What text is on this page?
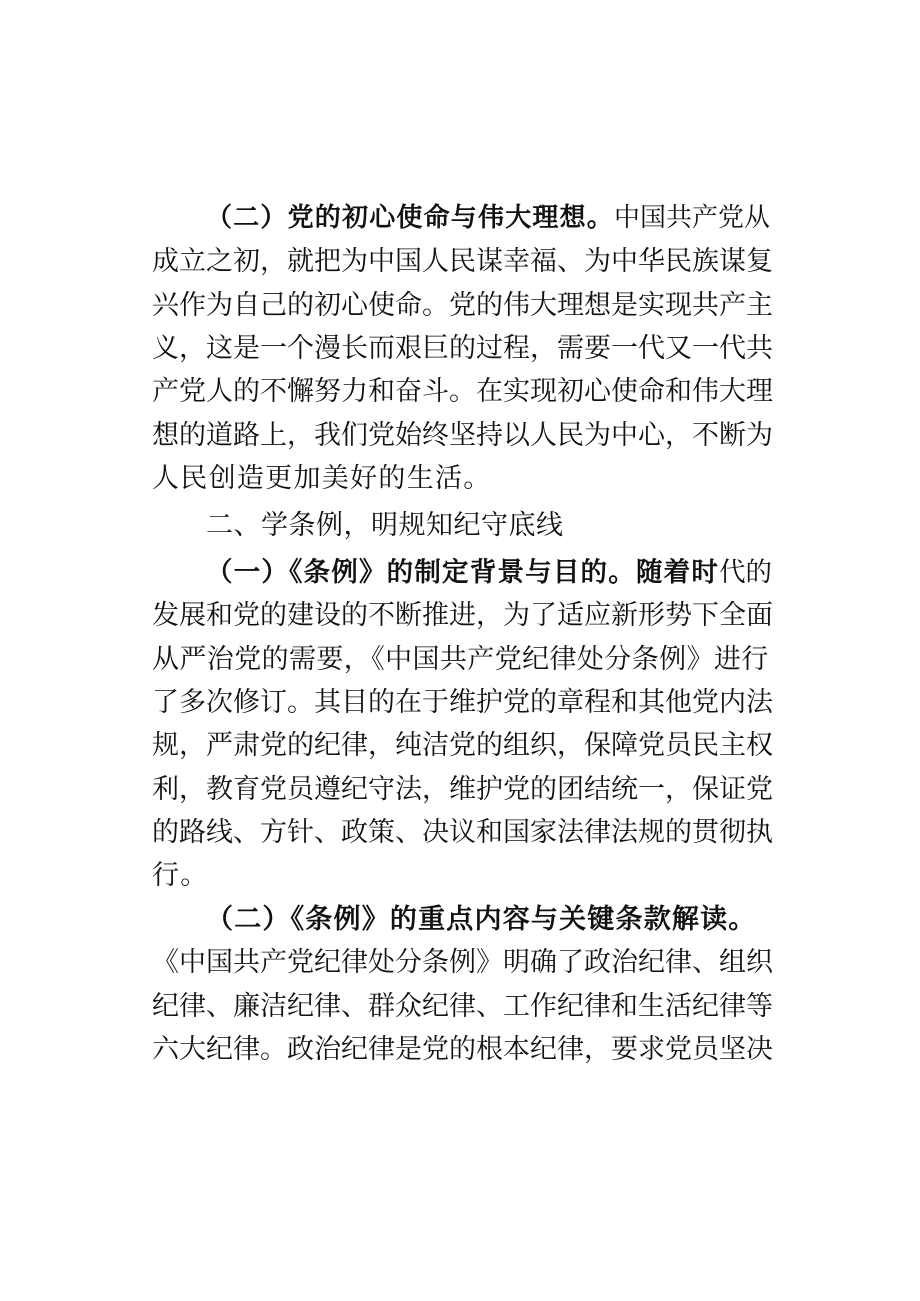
（二）党的初心使命与伟大理想。中国共产党从
成立之初，就把为中国人民谋幸福、为中华民族谋复
兴作为自己的初心使命。党的伟大理想是实现共产主
义，这是一个漫长而艰巨的过程，需要一代又一代共
产党人的不懈努力和奋斗。在实现初心使命和伟大理
想的道路上，我们党始终坚持以人民为中心，不断为
人民创造更加美好的生活。
二、学条例，明规知纪守底线
（一）《条例》的制定背景与目的。随着时代的
发展和党的建设的不断推进，为了适应新形势下全面
从严治党的需要，《中国共产党纪律处分条例》进行
了多次修订。其目的在于维护党的章程和其他党内法
规，严肃党的纪律，纯洁党的组织，保障党员民主权
利，教育党员遵纪守法，维护党的团结统一，保证党
的路线、方针、政策、决议和国家法律法规的贯彻执
行。
（二）《条例》的重点内容与关键条款解读。
《中国共产党纪律处分条例》明确了政治纪律、组织
纪律、廉洁纪律、群众纪律、工作纪律和生活纪律等
六大纪律。政治纪律是党的根本纪律，要求党员坚决
